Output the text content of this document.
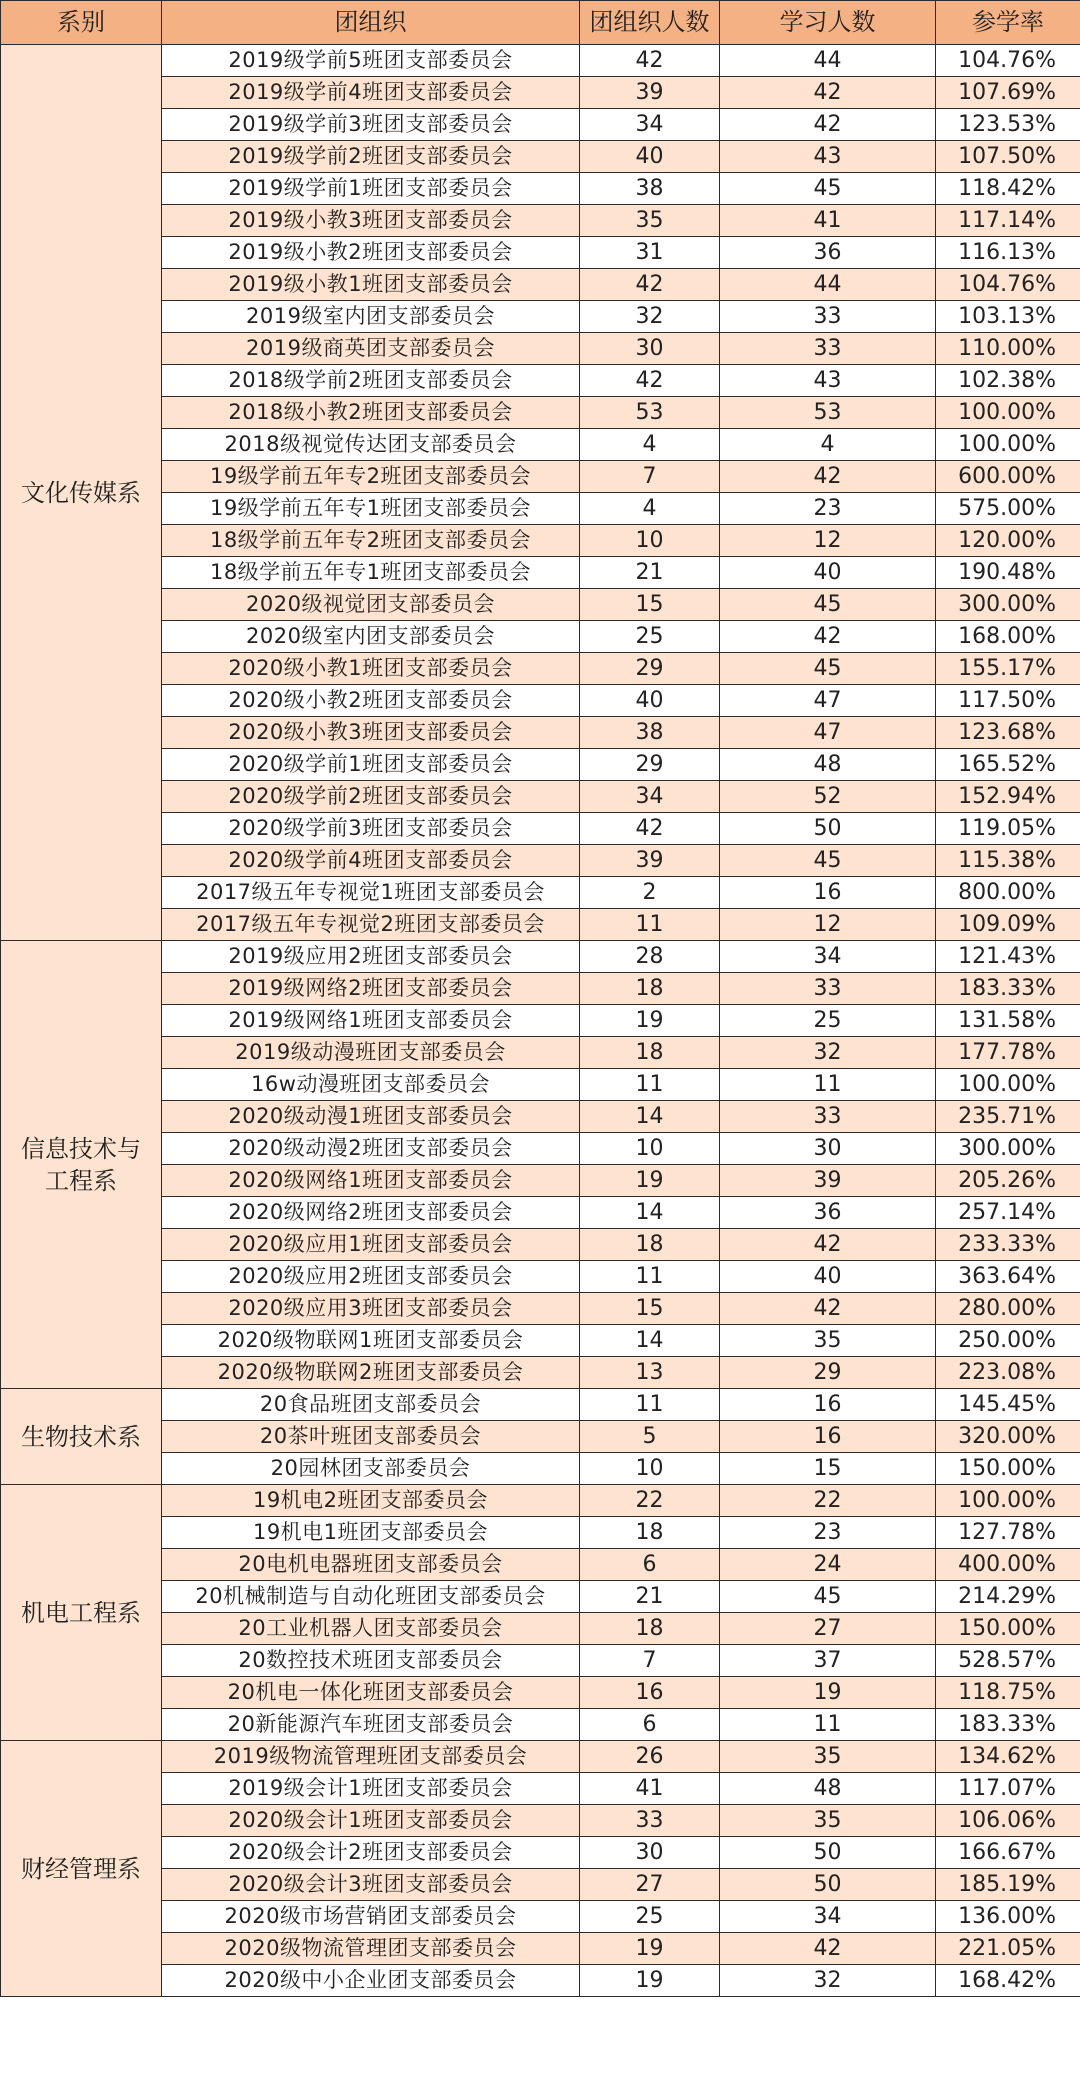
系别	团组织	团组织人数	学习人数	参学率
文化传媒系	2019级学前5班团支部委员会	42	44	104.76%
	2019级学前4班团支部委员会	39	42	107.69%
	2019级学前3班团支部委员会	34	42	123.53%
	2019级学前2班团支部委员会	40	43	107.50%
	2019级学前1班团支部委员会	38	45	118.42%
	2019级小教3班团支部委员会	35	41	117.14%
	2019级小教2班团支部委员会	31	36	116.13%
	2019级小教1班团支部委员会	42	44	104.76%
	2019级室内团支部委员会	32	33	103.13%
	2019级商英团支部委员会	30	33	110.00%
	2018级学前2班团支部委员会	42	43	102.38%
	2018级小教2班团支部委员会	53	53	100.00%
	2018级视觉传达团支部委员会	4	4	100.00%
	19级学前五年专2班团支部委员会	7	42	600.00%
	19级学前五年专1班团支部委员会	4	23	575.00%
	18级学前五年专2班团支部委员会	10	12	120.00%
	18级学前五年专1班团支部委员会	21	40	190.48%
	2020级视觉团支部委员会	15	45	300.00%
	2020级室内团支部委员会	25	42	168.00%
	2020级小教1班团支部委员会	29	45	155.17%
	2020级小教2班团支部委员会	40	47	117.50%
	2020级小教3班团支部委员会	38	47	123.68%
	2020级学前1班团支部委员会	29	48	165.52%
	2020级学前2班团支部委员会	34	52	152.94%
	2020级学前3班团支部委员会	42	50	119.05%
	2020级学前4班团支部委员会	39	45	115.38%
	2017级五年专视觉1班团支部委员会	2	16	800.00%
	2017级五年专视觉2班团支部委员会	11	12	109.09%
信息技术与工程系	2019级应用2班团支部委员会	28	34	121.43%
	2019级网络2班团支部委员会	18	33	183.33%
	2019级网络1班团支部委员会	19	25	131.58%
	2019级动漫班团支部委员会	18	32	177.78%
	16w动漫班团支部委员会	11	11	100.00%
	2020级动漫1班团支部委员会	14	33	235.71%
	2020级动漫2班团支部委员会	10	30	300.00%
	2020级网络1班团支部委员会	19	39	205.26%
	2020级网络2班团支部委员会	14	36	257.14%
	2020级应用1班团支部委员会	18	42	233.33%
	2020级应用2班团支部委员会	11	40	363.64%
	2020级应用3班团支部委员会	15	42	280.00%
	2020级物联网1班团支部委员会	14	35	250.00%
	2020级物联网2班团支部委员会	13	29	223.08%
生物技术系	20食品班团支部委员会	11	16	145.45%
	20茶叶班团支部委员会	5	16	320.00%
	20园林团支部委员会	10	15	150.00%
机电工程系	19机电2班团支部委员会	22	22	100.00%
	19机电1班团支部委员会	18	23	127.78%
	20电机电器班团支部委员会	6	24	400.00%
	20机械制造与自动化班团支部委员会	21	45	214.29%
	20工业机器人团支部委员会	18	27	150.00%
	20数控技术班团支部委员会	7	37	528.57%
	20机电一体化班团支部委员会	16	19	118.75%
	20新能源汽车班团支部委员会	6	11	183.33%
财经管理系	2019级物流管理班团支部委员会	26	35	134.62%
	2019级会计1班团支部委员会	41	48	117.07%
	2020级会计1班团支部委员会	33	35	106.06%
	2020级会计2班团支部委员会	30	50	166.67%
	2020级会计3班团支部委员会	27	50	185.19%
	2020级市场营销团支部委员会	25	34	136.00%
	2020级物流管理团支部委员会	19	42	221.05%
	2020级中小企业团支部委员会	19	32	168.42%
